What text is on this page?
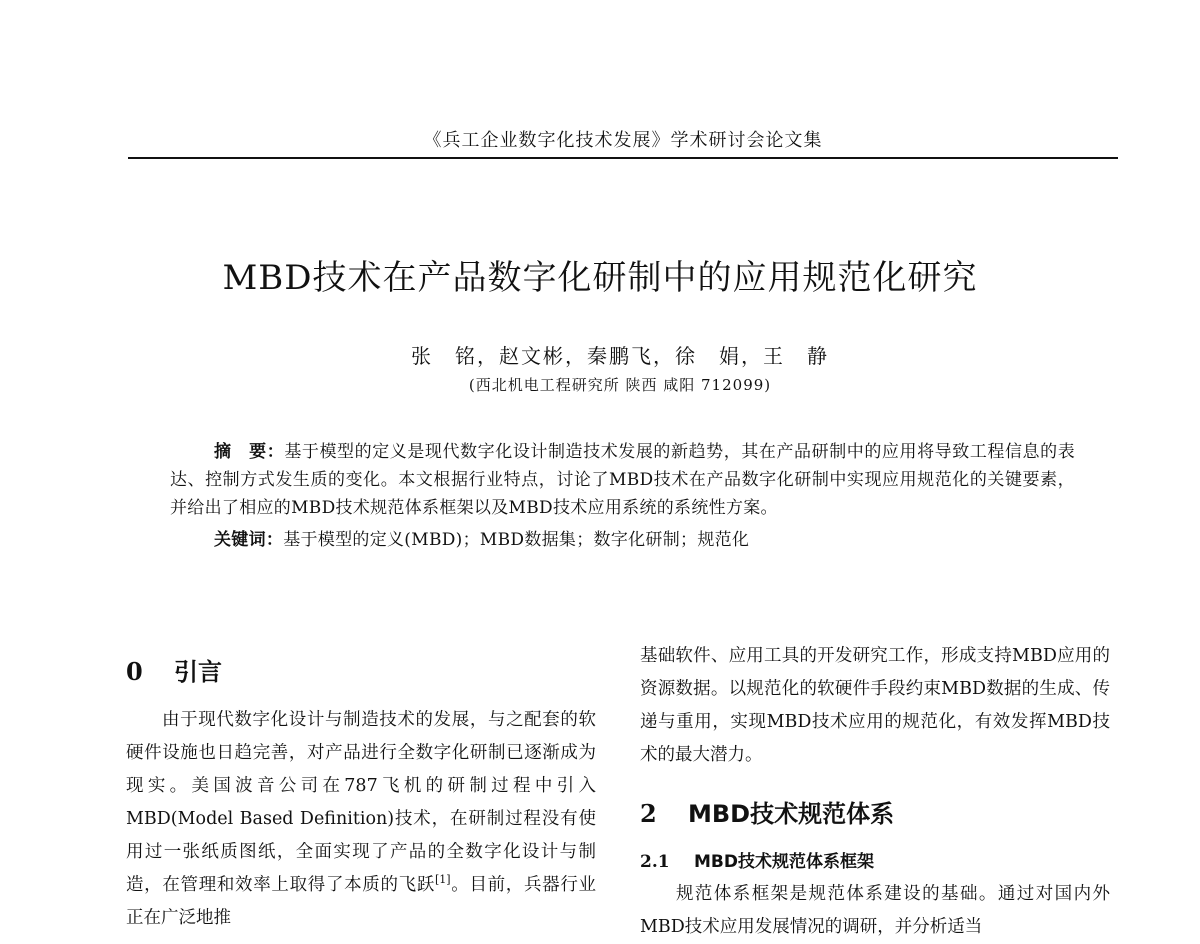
《兵工企业数字化技术发展》学术研讨会论文集
MBD技术在产品数字化研制中的应用规范化研究
张　铭，赵文彬，秦鹏飞，徐　娟，王　静
(西北机电工程研究所 陕西 咸阳 712099)

摘　要：基于模型的定义是现代数字化设计制造技术发展的新趋势，其在产品研制中的应用将导致工程信息的表达、控制方式发生质的变化。本文根据行业特点，讨论了MBD技术在产品数字化研制中实现应用规范化的关键要素，并给出了相应的MBD技术规范体系框架以及MBD技术应用系统的系统性方案。

关键词：基于模型的定义(MBD)；MBD数据集；数字化研制；规范化
0 引言

由于现代数字化设计与制造技术的发展，与之配套的软硬件设施也日趋完善，对产品进行全数字化研制已逐渐成为现实。美国波音公司在787飞机的研制过程中引入MBD(Model Based Definition)技术，在研制过程没有使用过一张纸质图纸，全面实现了产品的全数字化设计与制造，在管理和效率上取得了本质的飞跃[1]。目前，兵器行业正在广泛地推

基础软件、应用工具的开发研究工作，形成支持MBD应用的资源数据。以规范化的软硬件手段约束MBD数据的生成、传递与重用，实现MBD技术应用的规范化，有效发挥MBD技术的最大潜力。

2 MBD技术规范体系
2.1 MBD技术规范体系框架

规范体系框架是规范体系建设的基础。通过对国内外MBD技术应用发展情况的调研，并分析适当
